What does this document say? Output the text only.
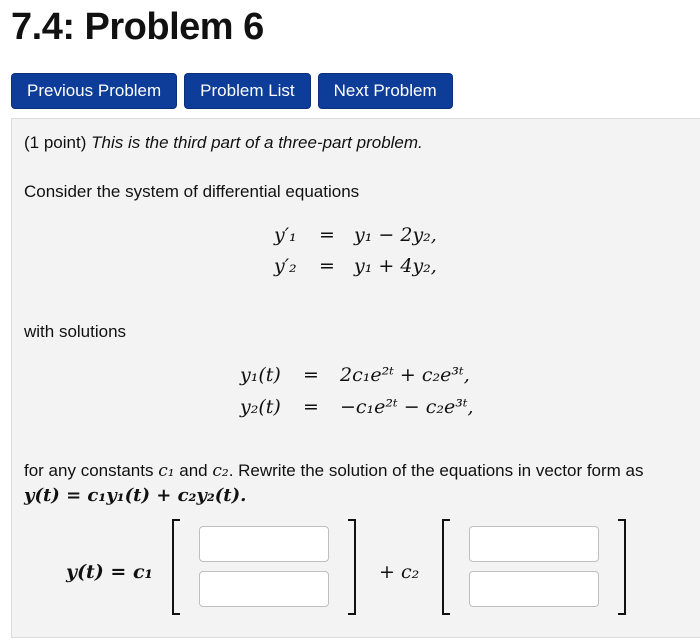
7.4: Problem 6
Previous Problem	Problem List	Next Problem
(1 point) This is the third part of a three-part problem.
Consider the system of differential equations
y′₁ = y₁ − 2y₂,
y′₂ = y₁ + 4y₂,
with solutions
y₁(t) = 2c₁e²ᵗ + c₂e³ᵗ,
y₂(t) = −c₁e²ᵗ − c₂e³ᵗ,
for any constants c₁ and c₂. Rewrite the solution of the equations in vector form as
y(t) = c₁y₁(t) + c₂y₂(t).
y(t) = c₁	+ c₂
